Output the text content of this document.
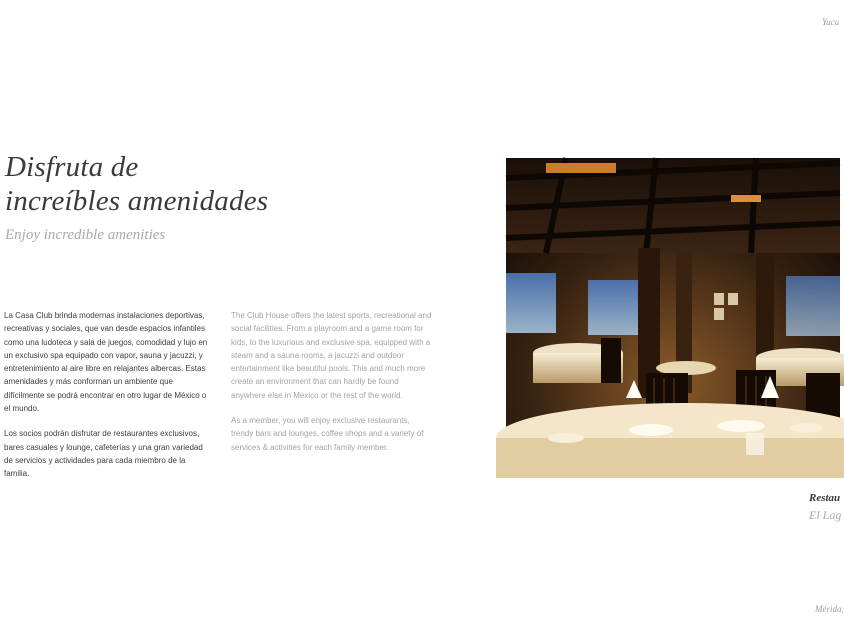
Yuca
Disfruta de
increíbles amenidades
Enjoy incredible amenities

La Casa Club brinda modernas instalaciones deportivas, recreativas y sociales, que van desde espacios infantiles como una ludoteca y sala de juegos, comodidad y lujo en un exclusivo spa equipado con vapor, sauna y jacuzzi, y entretenimiento al aire libre en relajantes albercas. Estas amenidades y más conforman un ambiente que difícilmente se podrá encontrar en otro lugar de México o el mundo.

Los socios podrán disfrutar de restaurantes exclusivos, bares casuales y lounge, cafeterías y una gran variedad de servicios y actividades para cada miembro de la familia.

The Club House offers the latest sports, recreational and social facilities. From a playroom and a game room for kids, to the luxurious and exclusive spa, equipped with a steam and a sauna rooms, a jacuzzi and outdoor entertainment like beautiful pools. This and much more create an environment that can hardly be found anywhere else in Mexico or the rest of the world.

As a member, you will enjoy exclusive restaurants, trendy bars and lounges, coffee shops and a variety of services & activities for each family member.

Restau
El Lag
Mérida,
